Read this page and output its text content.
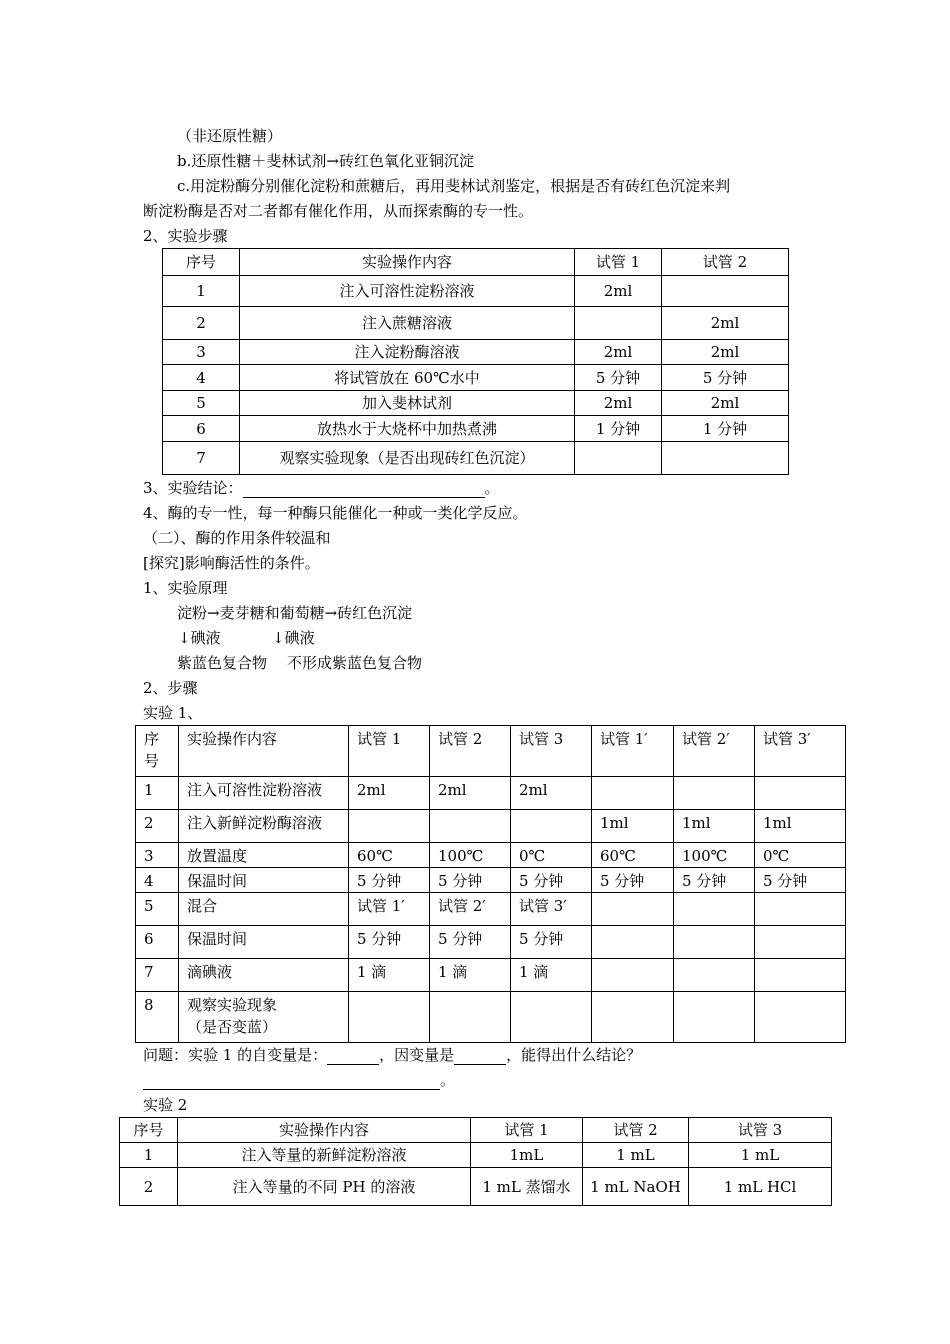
（非还原性糖）
b.还原性糖＋斐林试剂→砖红色氧化亚铜沉淀
c.用淀粉酶分别催化淀粉和蔗糖后，再用斐林试剂鉴定，根据是否有砖红色沉淀来判
断淀粉酶是否对二者都有催化作用，从而探索酶的专一性。
2、实验步骤
序号	实验操作内容	试管 1	试管 2
1	注入可溶性淀粉溶液	2ml	
2	注入蔗糖溶液		2ml
3	注入淀粉酶溶液	2ml	2ml
4	将试管放在 60℃水中	5 分钟	5 分钟
5	加入斐林试剂	2ml	2ml
6	放热水于大烧杯中加热煮沸	1 分钟	1 分钟
7	观察实验现象（是否出现砖红色沉淀）		
3、实验结论：	。
4、酶的专一性，每一种酶只能催化一种或一类化学反应。
（二）、酶的作用条件较温和
[探究]影响酶活性的条件。
1、实验原理
淀粉→麦芽糖和葡萄糖→砖红色沉淀
↓碘液	↓碘液
紫蓝色复合物 不形成紫蓝色复合物
2、步骤
实验 1、
序
号	实验操作内容	试管 1	试管 2	试管 3	试管 1′	试管 2′	试管 3′
1	注入可溶性淀粉溶液	2ml	2ml	2ml			
2	注入新鲜淀粉酶溶液				1ml	1ml	1ml
3	放置温度	60℃	100℃	0℃	60℃	100℃	0℃
4	保温时间	5 分钟	5 分钟	5 分钟	5 分钟	5 分钟	5 分钟
5	混合	试管 1′	试管 2′	试管 3′			
6	保温时间	5 分钟	5 分钟	5 分钟			
7	滴碘液	1 滴	1 滴	1 滴			
8	观察实验现象
（是否变蓝）						
问题：实验 1 的自变量是：	，因变量是	，能得出什么结论？
。
实验 2
序号	实验操作内容	试管 1	试管 2	试管 3
1	注入等量的新鲜淀粉溶液	1mL	1 mL	1 mL
2	注入等量的不同 PH 的溶液	1 mL 蒸馏水	1 mL NaOH	1 mL HCl
